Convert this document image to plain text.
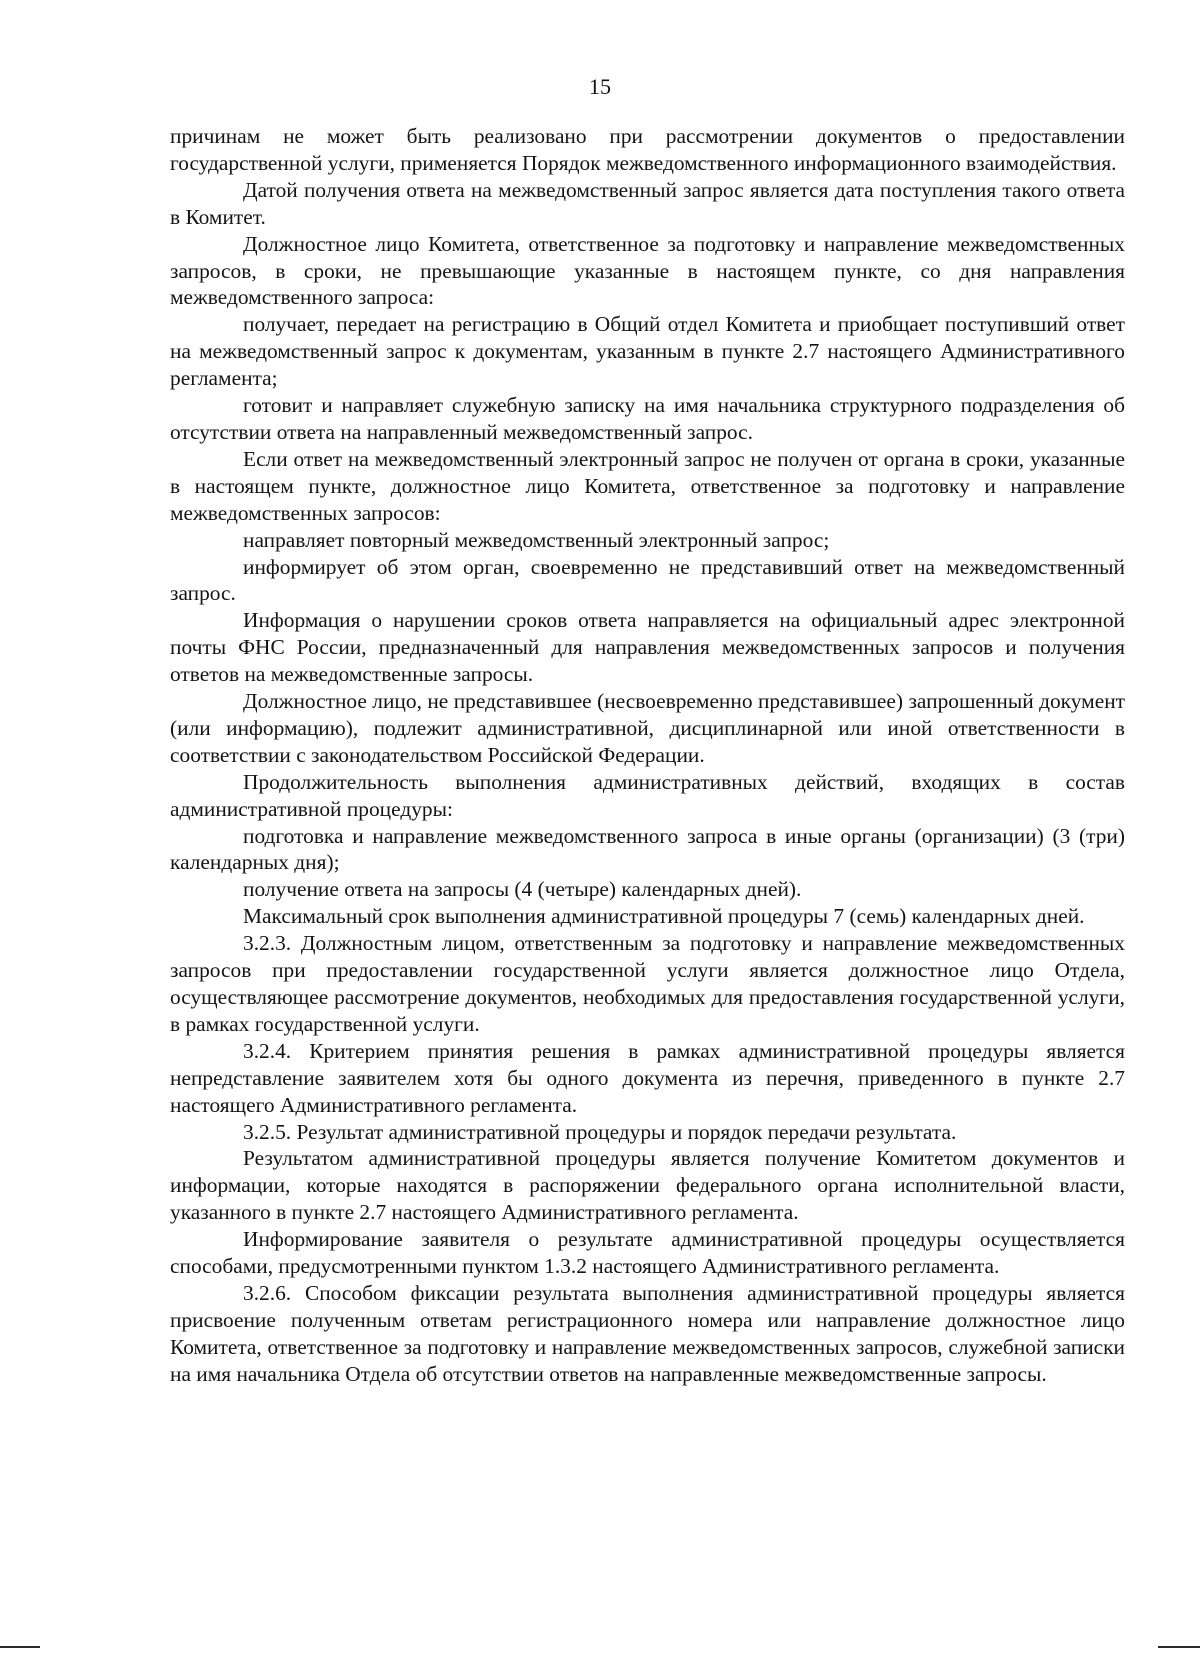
15

причинам не может быть реализовано при рассмотрении документов о предоставлении государственной услуги, применяется Порядок межведомственного информационного взаимодействия.

Датой получения ответа на межведомственный запрос является дата поступления такого ответа в Комитет.

Должностное лицо Комитета, ответственное за подготовку и направление межведомственных запросов, в сроки, не превышающие указанные в настоящем пункте, со дня направления межведомственного запроса:

получает, передает на регистрацию в Общий отдел Комитета и приобщает поступивший ответ на межведомственный запрос к документам, указанным в пункте 2.7 настоящего Административного регламента;

готовит и направляет служебную записку на имя начальника структурного подразделения об отсутствии ответа на направленный межведомственный запрос.

Если ответ на межведомственный электронный запрос не получен от органа в сроки, указанные в настоящем пункте, должностное лицо Комитета, ответственное за подготовку и направление межведомственных запросов:

направляет повторный межведомственный электронный запрос;

информирует об этом орган, своевременно не представивший ответ на межведомственный запрос.

Информация о нарушении сроков ответа направляется на официальный адрес электронной почты ФНС России, предназначенный для направления межведомственных запросов и получения ответов на межведомственные запросы.

Должностное лицо, не представившее (несвоевременно представившее) запрошенный документ (или информацию), подлежит административной, дисциплинарной или иной ответственности в соответствии с законодательством Российской Федерации.

Продолжительность выполнения административных действий, входящих в состав административной процедуры:

подготовка и направление межведомственного запроса в иные органы (организации) (3 (три) календарных дня);

получение ответа на запросы (4 (четыре) календарных дней).

Максимальный срок выполнения административной процедуры 7 (семь) календарных дней.

3.2.3. Должностным лицом, ответственным за подготовку и направление межведомственных запросов при предоставлении государственной услуги является должностное лицо Отдела, осуществляющее рассмотрение документов, необходимых для предоставления государственной услуги, в рамках государственной услуги.

3.2.4. Критерием принятия решения в рамках административной процедуры является непредставление заявителем хотя бы одного документа из перечня, приведенного в пункте 2.7 настоящего Административного регламента.

3.2.5. Результат административной процедуры и порядок передачи результата.

Результатом административной процедуры является получение Комитетом документов и информации, которые находятся в распоряжении федерального органа исполнительной власти, указанного в пункте 2.7 настоящего Административного регламента.

Информирование заявителя о результате административной процедуры осуществляется способами, предусмотренными пунктом 1.3.2 настоящего Административного регламента.

3.2.6. Способом фиксации результата выполнения административной процедуры является присвоение полученным ответам регистрационного номера или направление должностное лицо Комитета, ответственное за подготовку и направление межведомственных запросов, служебной записки на имя начальника Отдела об отсутствии ответов на направленные межведомственные запросы.
